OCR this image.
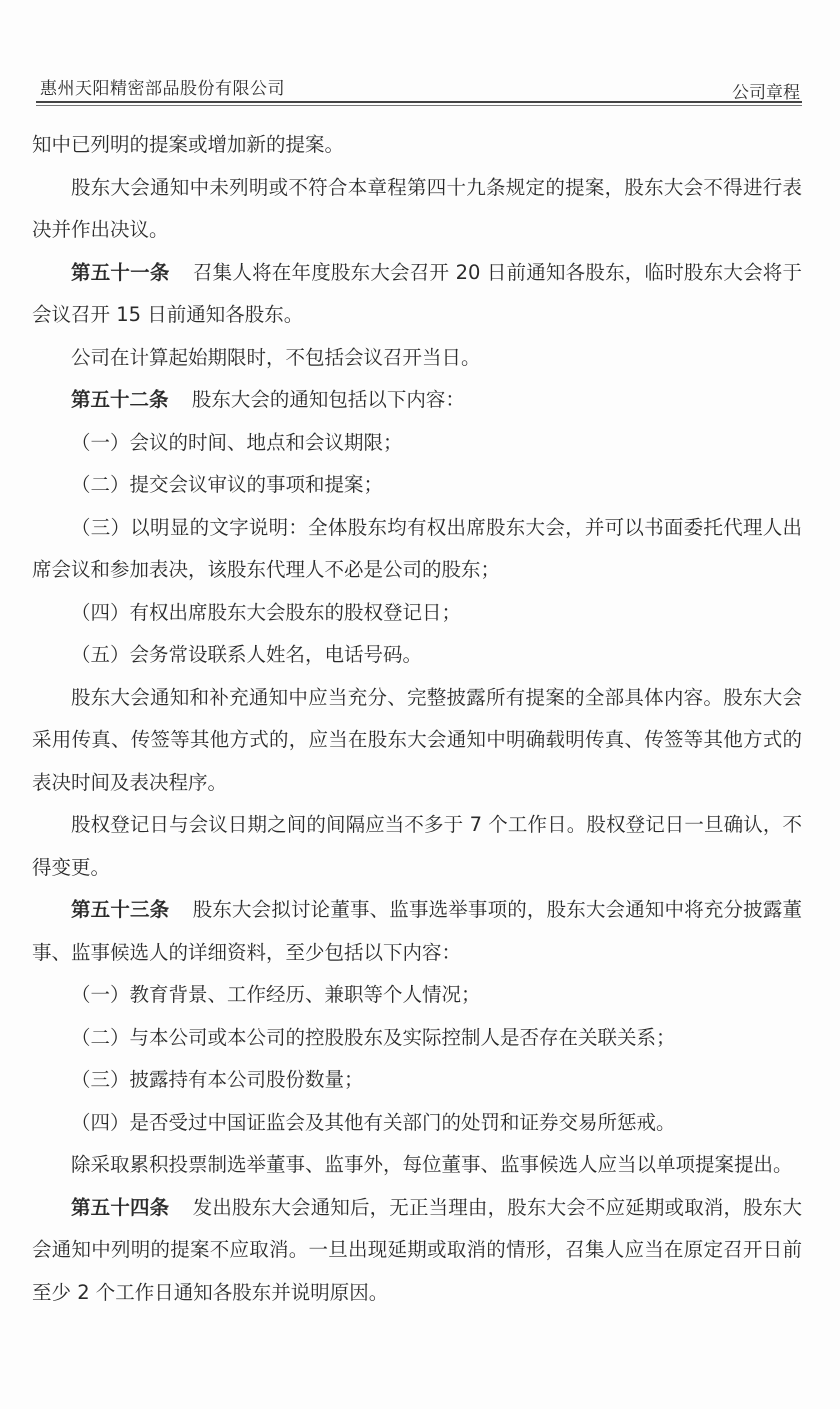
惠州天阳精密部品股份有限公司	公司章程

知中已列明的提案或增加新的提案。

股东大会通知中未列明或不符合本章程第四十九条规定的提案，股东大会不得进行表决并作出决议。

第五十一条 召集人将在年度股东大会召开 20 日前通知各股东，临时股东大会将于会议召开 15 日前通知各股东。

公司在计算起始期限时，不包括会议召开当日。

第五十二条 股东大会的通知包括以下内容：

（一）会议的时间、地点和会议期限；

（二）提交会议审议的事项和提案；

（三）以明显的文字说明：全体股东均有权出席股东大会，并可以书面委托代理人出席会议和参加表决，该股东代理人不必是公司的股东；

（四）有权出席股东大会股东的股权登记日；

（五）会务常设联系人姓名，电话号码。

股东大会通知和补充通知中应当充分、完整披露所有提案的全部具体内容。股东大会采用传真、传签等其他方式的，应当在股东大会通知中明确载明传真、传签等其他方式的表决时间及表决程序。

股权登记日与会议日期之间的间隔应当不多于 7 个工作日。股权登记日一旦确认，不得变更。

第五十三条 股东大会拟讨论董事、监事选举事项的，股东大会通知中将充分披露董事、监事候选人的详细资料，至少包括以下内容：

（一）教育背景、工作经历、兼职等个人情况；

（二）与本公司或本公司的控股股东及实际控制人是否存在关联关系；

（三）披露持有本公司股份数量；

（四）是否受过中国证监会及其他有关部门的处罚和证券交易所惩戒。

除采取累积投票制选举董事、监事外，每位董事、监事候选人应当以单项提案提出。

第五十四条 发出股东大会通知后，无正当理由，股东大会不应延期或取消，股东大会通知中列明的提案不应取消。一旦出现延期或取消的情形，召集人应当在原定召开日前至少 2 个工作日通知各股东并说明原因。
